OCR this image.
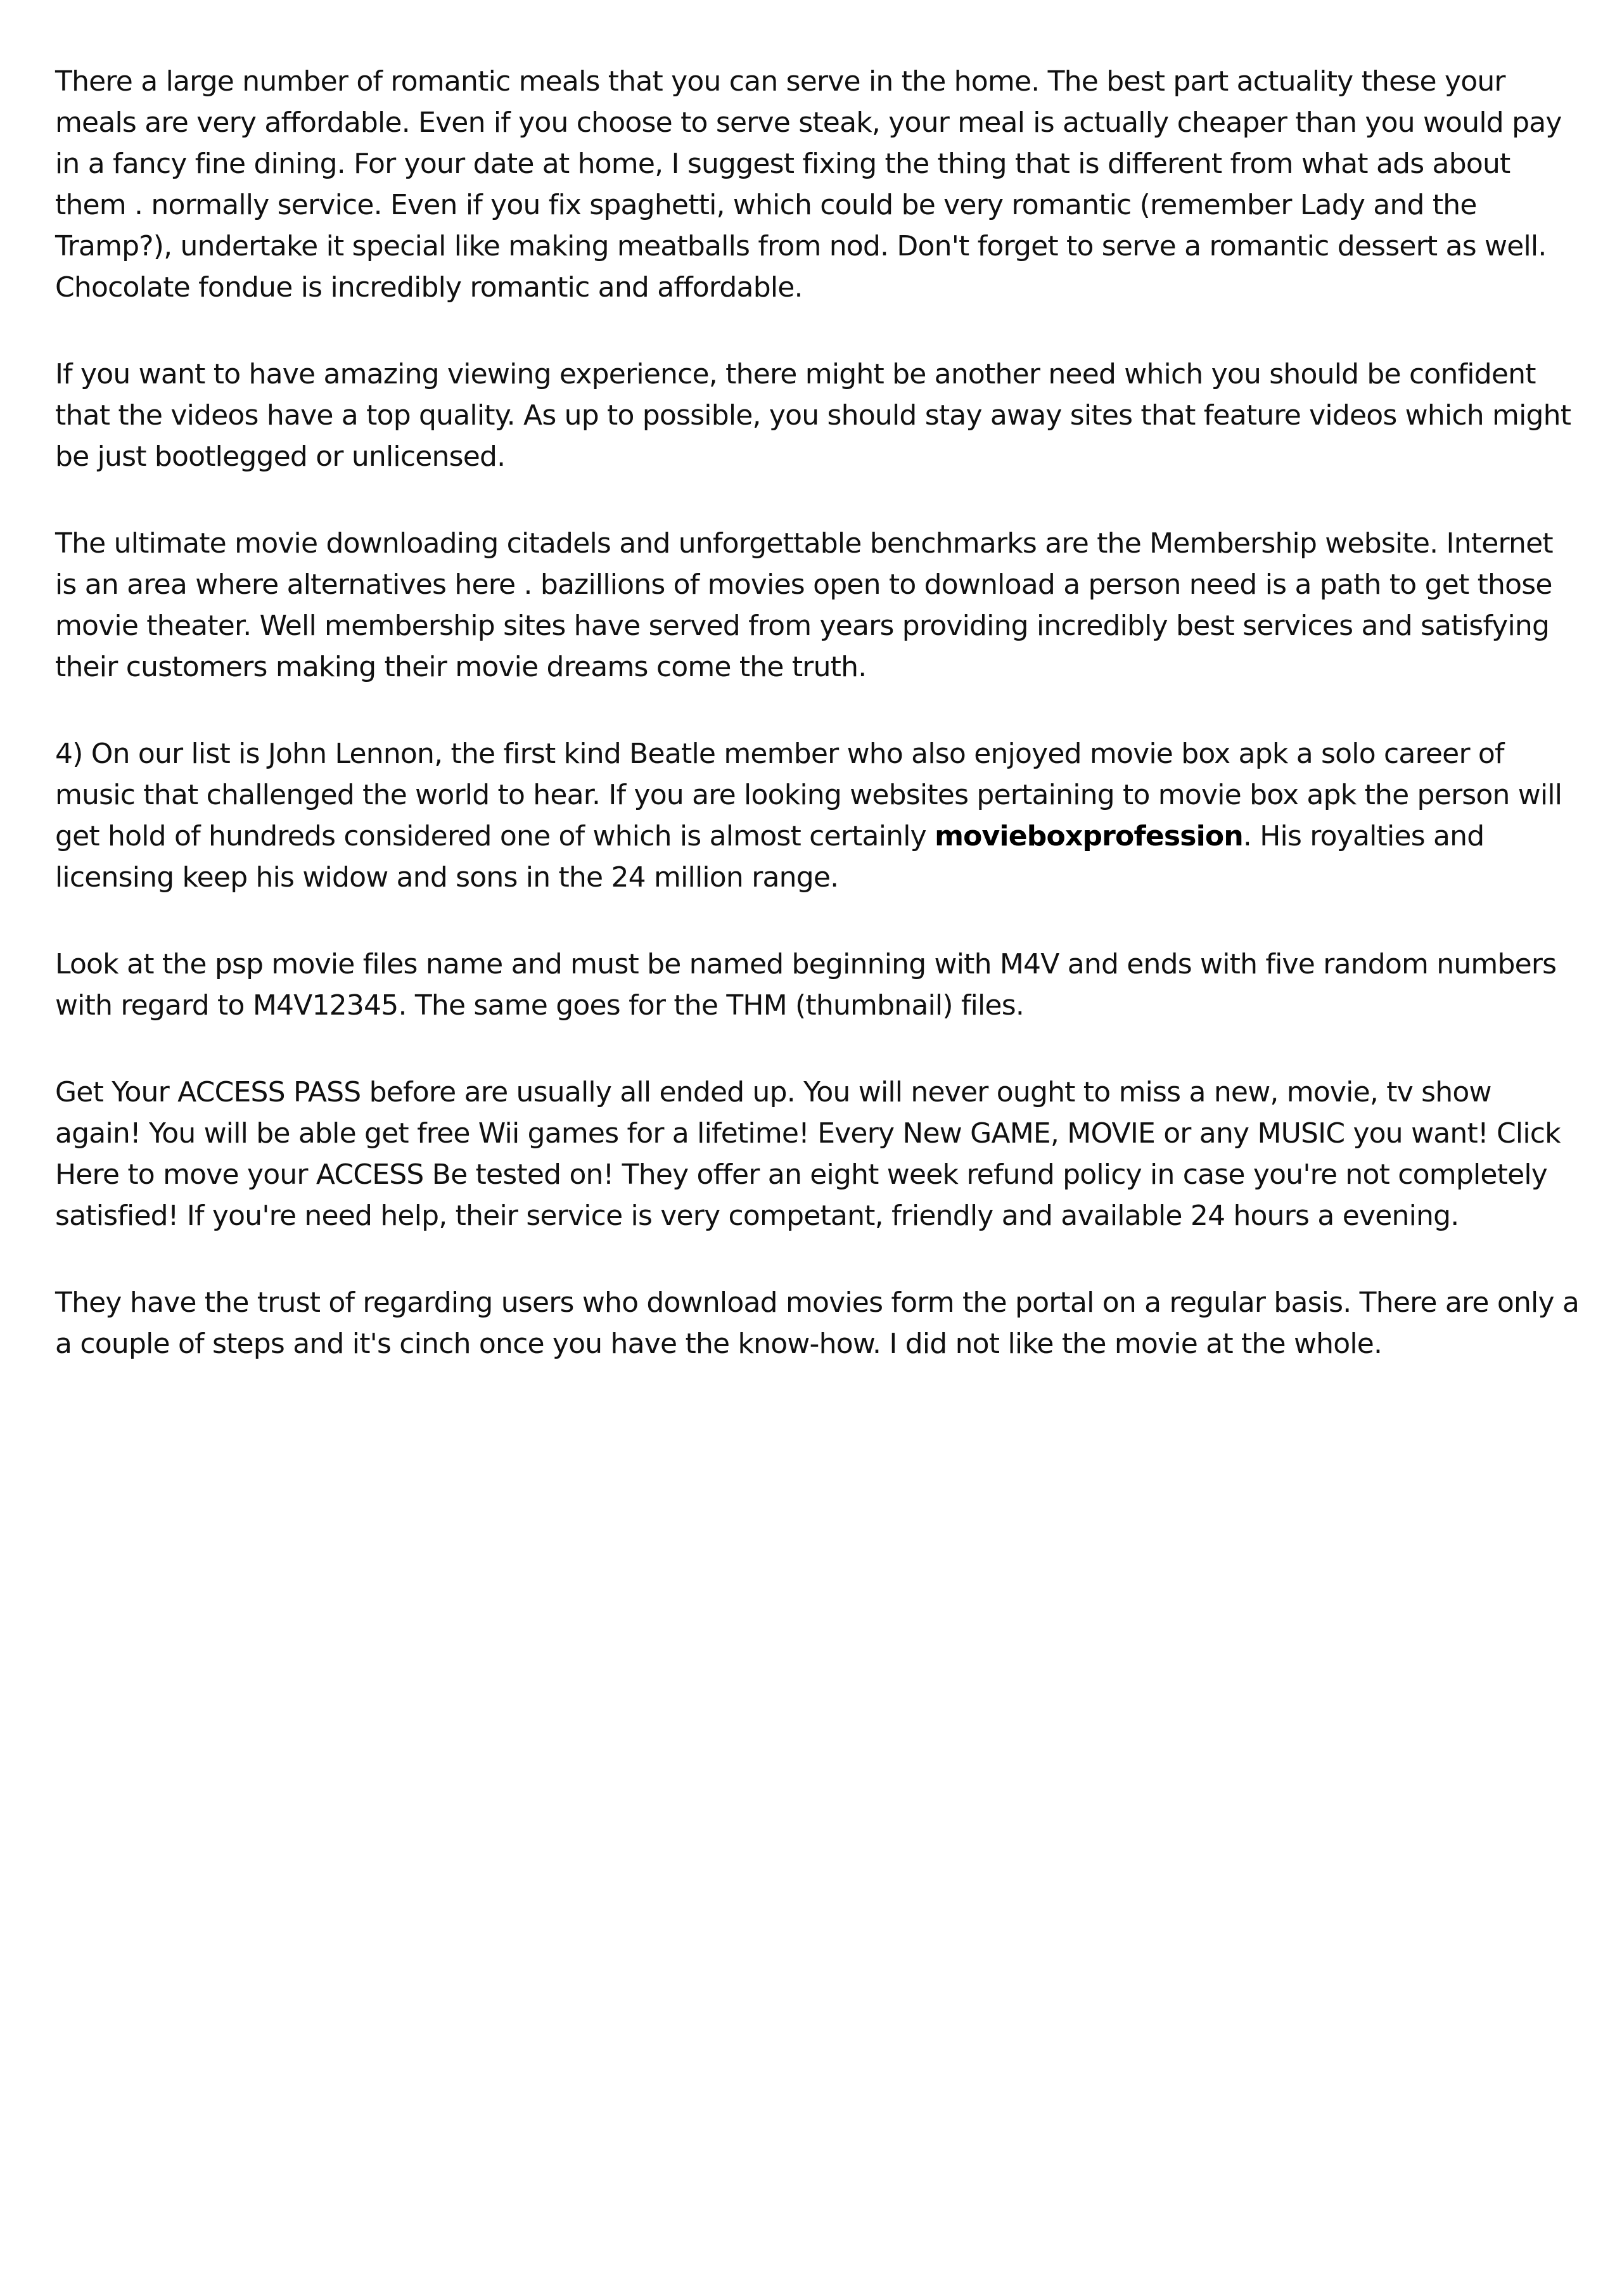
There a large number of romantic meals that you can serve in the home. The best part actuality these your meals are very affordable. Even if you choose to serve steak, your meal is actually cheaper than you would pay in a fancy fine dining. For your date at home, I suggest fixing the thing that is different from what ads about them . normally service. Even if you fix spaghetti, which could be very romantic (remember Lady and the Tramp?), undertake it special like making meatballs from nod. Don't forget to serve a romantic dessert as well. Chocolate fondue is incredibly romantic and affordable.

If you want to have amazing viewing experience, there might be another need which you should be confident that the videos have a top quality. As up to possible, you should stay away sites that feature videos which might be just bootlegged or unlicensed.

The ultimate movie downloading citadels and unforgettable benchmarks are the Membership website. Internet is an area where alternatives here . bazillions of movies open to download a person need is a path to get those movie theater. Well membership sites have served from years providing incredibly best services and satisfying their customers making their movie dreams come the truth.

4) On our list is John Lennon, the first kind Beatle member who also enjoyed movie box apk a solo career of music that challenged the world to hear. If you are looking websites pertaining to movie box apk the person will get hold of hundreds considered one of which is almost certainly movieboxprofession. His royalties and licensing keep his widow and sons in the 24 million range.

Look at the psp movie files name and must be named beginning with M4V and ends with five random numbers with regard to M4V12345. The same goes for the THM (thumbnail) files.

Get Your ACCESS PASS before are usually all ended up. You will never ought to miss a new, movie, tv show again! You will be able get free Wii games for a lifetime! Every New GAME, MOVIE or any MUSIC you want! Click Here to move your ACCESS Be tested on! They offer an eight week refund policy in case you're not completely satisfied! If you're need help, their service is very competant, friendly and available 24 hours a evening.

They have the trust of regarding users who download movies form the portal on a regular basis. There are only a a couple of steps and it's cinch once you have the know-how. I did not like the movie at the whole.
